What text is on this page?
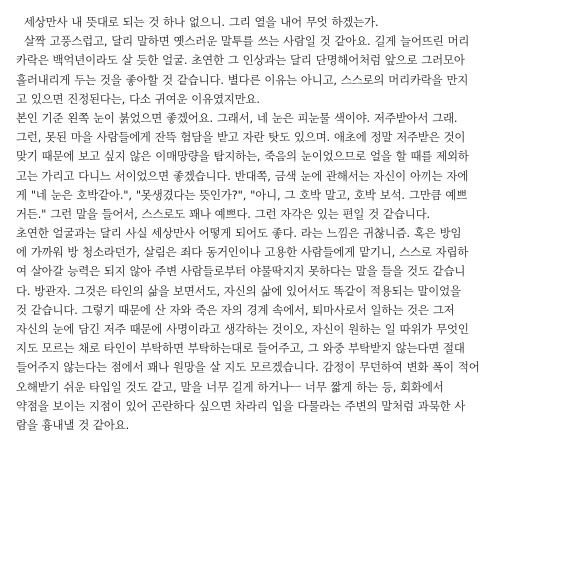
세상만사 내 뜻대로 되는 것 하나 없으니. 그리 열을 내어 무엇 하겠는가.
살짝 고풍스럽고, 달리 말하면 옛스러운 말투를 쓰는 사람일 것 같아요. 길게 늘어뜨린 머리
카락은 백억년이라도 살 듯한 얼굴. 초연한 그 인상과는 달리 단명해어처럼 앞으로 그러모아
흘러내리게 두는 것을 좋아할 것 같습니다. 별다른 이유는 아니고, 스스로의 머리카락을 만지
고 있으면 진정된다는, 다소 귀여운 이유였지만요.
본인 기준 왼쪽 눈이 붉었으면 좋겠어요. 그래서, 네 눈은 피눈물 색이야. 저주받아서 그래.
그런, 못된 마을 사람들에게 잔뜩 험담을 받고 자란 탓도 있으며. 애초에 정말 저주받은 것이
맞기 때문에 보고 싶지 않은 이매망량을 탐지하는, 죽음의 눈이었으므로 얼을 할 때를 제외하
고는 가리고 다니느 서이었으면 좋겠습니다. 반대쪽, 금색 눈에 관해서는 자신이 아끼는 자에
게 "네 눈은 호박같아.", "못생겼다는 뜻인가?", "아니, 그 호박 말고, 호박 보석. 그만큼 예쁘
거든." 그런 말을 들어서, 스스로도 꽤나 예쁘다. 그런 자각은 있는 편일 것 같습니다.
초연한 얼굴과는 달리 사실 세상만사 어떻게 되어도 좋다. 라는 느낌은 귀찮니즘. 혹은 방임
에 가까워 방 청소라던가, 살림은 죄다 동거인이나 고용한 사람들에게 맡기니, 스스로 자립하
여 살아갈 능력은 되지 않아 주변 사람들로부터 야물딱지지 못하다는 말을 들을 것도 같습니
다. 방관자. 그것은 타인의 삶을 보면서도, 자신의 삶에 있어서도 똑같이 적용되는 말이었을
것 같습니다. 그렇기 때문에 산 자와 죽은 자의 경계 속에서, 퇴마사로서 일하는 것은 그저
자신의 눈에 담긴 저주 때문에 사명이라고 생각하는 것이오, 자신이 원하는 일 따위가 무엇인
지도 모르는 채로 타인이 부탁하면 부탁하는대로 들어주고, 그 와중 부탁받지 않는다면 절대
들어주지 않는다는 점에서 꽤나 원망을 살 지도 모르겠습니다. 감정이 무던하여 변화 폭이 적어
오해받기 쉬운 타입일 것도 같고, 말을 너무 길게 하거나ㅡ 너무 짧게 하는 등, 회화에서
약점을 보이는 지점이 있어 곤란하다 싶으면 차라리 입을 다물라는 주변의 말처럼 과묵한 사
람을 흉내낼 것 같아요.
